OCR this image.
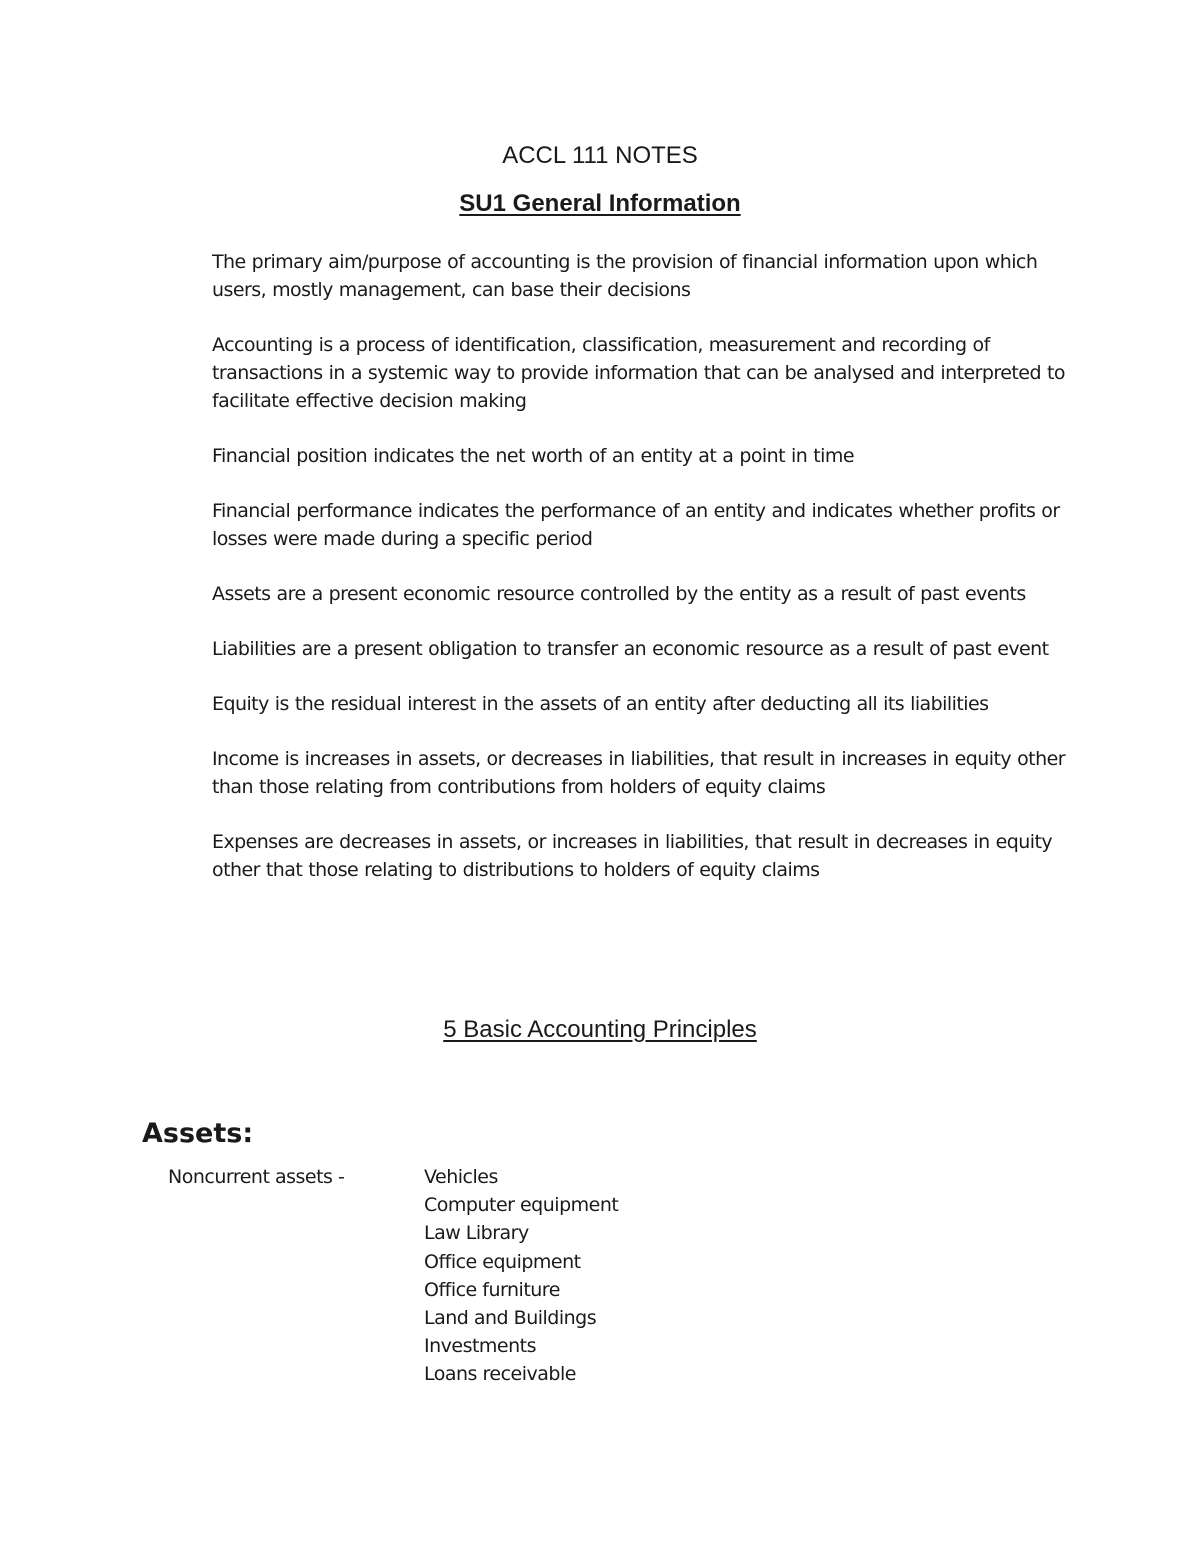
ACCL 111 NOTES
SU1 General Information
The primary aim/purpose of accounting is the provision of financial information upon which users, mostly management, can base their decisions
Accounting is a process of identification, classification, measurement and recording of transactions in a systemic way to provide information that can be analysed and interpreted to facilitate effective decision making
Financial position indicates the net worth of an entity at a point in time
Financial performance indicates the performance of an entity and indicates whether profits or losses were made during a specific period
Assets are a present economic resource controlled by the entity as a result of past events
Liabilities are a present obligation to transfer an economic resource as a result of past event
Equity is the residual interest in the assets of an entity after deducting all its liabilities
Income is increases in assets, or decreases in liabilities, that result in increases in equity other than those relating from contributions from holders of equity claims
Expenses are decreases in assets, or increases in liabilities, that result in decreases in equity other that those relating to distributions to holders of equity claims
5 Basic Accounting Principles
Assets:
Noncurrent assets -	Vehicles
Computer equipment
Law Library
Office equipment
Office furniture
Land and Buildings
Investments
Loans receivable
